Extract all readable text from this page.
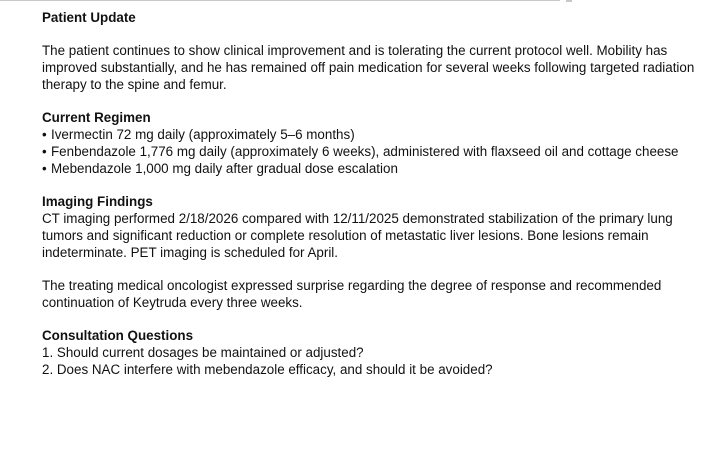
Patient Update

The patient continues to show clinical improvement and is tolerating the current protocol well. Mobility has improved substantially, and he has remained off pain medication for several weeks following targeted radiation therapy to the spine and femur.

Current Regimen
• Ivermectin 72 mg daily (approximately 5–6 months)
• Fenbendazole 1,776 mg daily (approximately 6 weeks), administered with flaxseed oil and cottage cheese
• Mebendazole 1,000 mg daily after gradual dose escalation
Imaging Findings

CT imaging performed 2/18/2026 compared with 12/11/2025 demonstrated stabilization of the primary lung tumors and significant reduction or complete resolution of metastatic liver lesions. Bone lesions remain indeterminate. PET imaging is scheduled for April.

The treating medical oncologist expressed surprise regarding the degree of response and recommended continuation of Keytruda every three weeks.

Consultation Questions
1. Should current dosages be maintained or adjusted?
2. Does NAC interfere with mebendazole efficacy, and should it be avoided?
